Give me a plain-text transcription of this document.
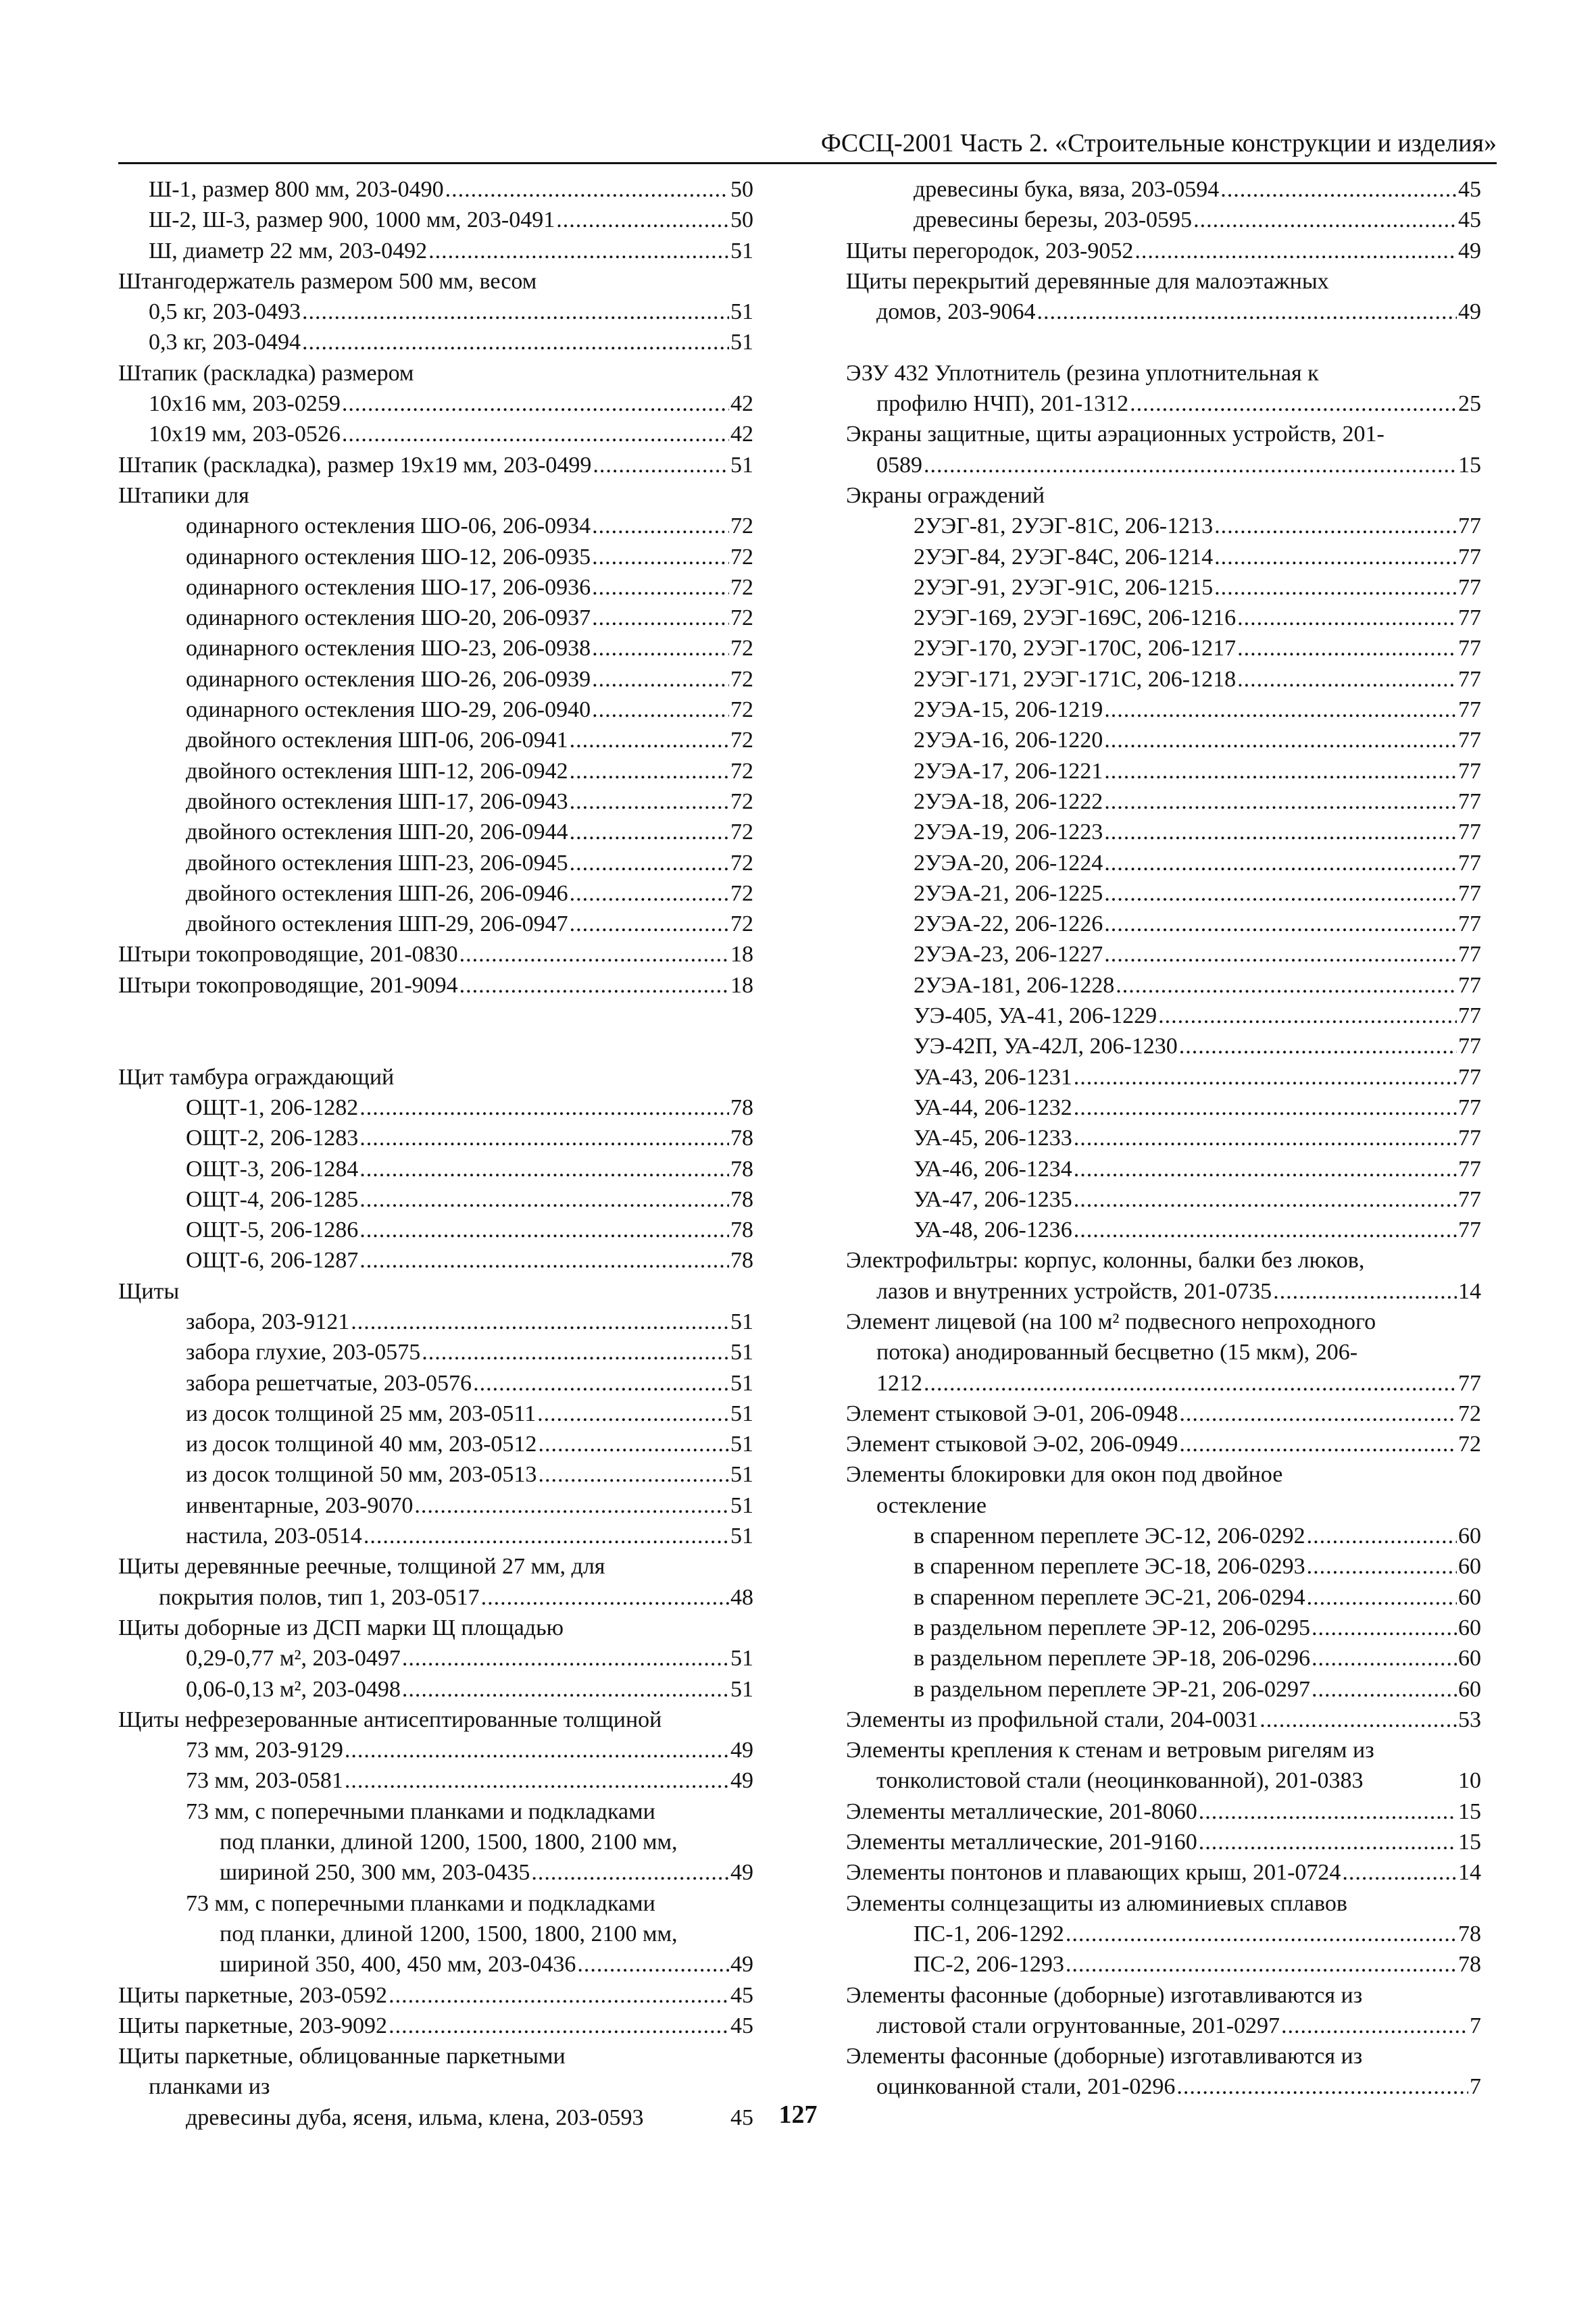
ФССЦ-2001 Часть 2. «Строительные конструкции и изделия»
Ш-1, размер 800 мм, 203-0490 .....	50
Ш-2, Ш-3, размер 900, 1000 мм, 203-0491 .....	50
Ш, диаметр 22 мм, 203-0492 .....	51
Штангодержатель размером 500 мм, весом
0,5 кг, 203-0493 .....	51
0,3 кг, 203-0494 .....	51
Штапик (раскладка) размером
10х16 мм, 203-0259 .....	42
10х19 мм, 203-0526 .....	42
Штапик (раскладка), размер 19х19 мм, 203-0499 .....	51
Штапики для
одинарного остекления ШО-06, 206-0934 .....	72
одинарного остекления ШО-12, 206-0935 .....	72
одинарного остекления ШО-17, 206-0936 .....	72
одинарного остекления ШО-20, 206-0937 .....	72
одинарного остекления ШО-23, 206-0938 .....	72
одинарного остекления ШО-26, 206-0939 .....	72
одинарного остекления ШО-29, 206-0940 .....	72
двойного остекления ШП-06, 206-0941 .....	72
двойного остекления ШП-12, 206-0942 .....	72
двойного остекления ШП-17, 206-0943 .....	72
двойного остекления ШП-20, 206-0944 .....	72
двойного остекления ШП-23, 206-0945 .....	72
двойного остекления ШП-26, 206-0946 .....	72
двойного остекления ШП-29, 206-0947 .....	72
Штыри токопроводящие, 201-0830 .....	18
Штыри токопроводящие, 201-9094 .....	18
Щит тамбура ограждающий
ОЩТ-1, 206-1282 .....	78
ОЩТ-2, 206-1283 .....	78
ОЩТ-3, 206-1284 .....	78
ОЩТ-4, 206-1285 .....	78
ОЩТ-5, 206-1286 .....	78
ОЩТ-6, 206-1287 .....	78
Щиты
забора, 203-9121 .....	51
забора глухие, 203-0575 .....	51
забора решетчатые, 203-0576 .....	51
из досок толщиной 25 мм, 203-0511 .....	51
из досок толщиной 40 мм, 203-0512 .....	51
из досок толщиной 50 мм, 203-0513 .....	51
инвентарные, 203-9070 .....	51
настила, 203-0514 .....	51
Щиты деревянные реечные, толщиной 27 мм, для
покрытия полов, тип 1, 203-0517 .....	48
Щиты доборные из ДСП марки Щ площадью
0,29-0,77 м², 203-0497 .....	51
0,06-0,13 м², 203-0498 .....	51
Щиты нефрезерованные антисептированные толщиной
73 мм, 203-9129 .....	49
73 мм, 203-0581 .....	49
73 мм, с поперечными планками и подкладками
под планки, длиной 1200, 1500, 1800, 2100 мм,
шириной 250, 300 мм, 203-0435 .....	49
73 мм, с поперечными планками и подкладками
под планки, длиной 1200, 1500, 1800, 2100 мм,
шириной 350, 400, 450 мм, 203-0436 .....	49
Щиты паркетные, 203-0592 .....	45
Щиты паркетные, 203-9092 .....	45
Щиты паркетные, облицованные паркетными
планками из
древесины дуба, ясеня, ильма, клена, 203-0593	45
древесины бука, вяза, 203-0594 .....	45
древесины березы, 203-0595 .....	45
Щиты перегородок, 203-9052 .....	49
Щиты перекрытий деревянные для малоэтажных
домов, 203-9064 .....	49
ЭЗУ 432 Уплотнитель (резина уплотнительная к
профилю НЧП), 201-1312 .....	25
Экраны защитные, щиты аэрационных устройств, 201-
0589 .....	15
Экраны ограждений
2УЭГ-81, 2УЭГ-81С, 206-1213 .....	77
2УЭГ-84, 2УЭГ-84С, 206-1214 .....	77
2УЭГ-91, 2УЭГ-91С, 206-1215 .....	77
2УЭГ-169, 2УЭГ-169С, 206-1216 .....	77
2УЭГ-170, 2УЭГ-170С, 206-1217 .....	77
2УЭГ-171, 2УЭГ-171С, 206-1218 .....	77
2УЭА-15, 206-1219 .....	77
2УЭА-16, 206-1220 .....	77
2УЭА-17, 206-1221 .....	77
2УЭА-18, 206-1222 .....	77
2УЭА-19, 206-1223 .....	77
2УЭА-20, 206-1224 .....	77
2УЭА-21, 206-1225 .....	77
2УЭА-22, 206-1226 .....	77
2УЭА-23, 206-1227 .....	77
2УЭА-181, 206-1228 .....	77
УЭ-405, УА-41, 206-1229 .....	77
УЭ-42П, УА-42Л, 206-1230 .....	77
УА-43, 206-1231 .....	77
УА-44, 206-1232 .....	77
УА-45, 206-1233 .....	77
УА-46, 206-1234 .....	77
УА-47, 206-1235 .....	77
УА-48, 206-1236 .....	77
Электрофильтры: корпус, колонны, балки без люков,
лазов и внутренних устройств, 201-0735 .....	14
Элемент лицевой (на 100 м² подвесного непроходного
потока) анодированный бесцветно (15 мкм), 206-
1212 .....	77
Элемент стыковой Э-01, 206-0948 .....	72
Элемент стыковой Э-02, 206-0949 .....	72
Элементы блокировки для окон под двойное
остекление
в спаренном переплете ЭС-12, 206-0292 .....	60
в спаренном переплете ЭС-18, 206-0293 .....	60
в спаренном переплете ЭС-21, 206-0294 .....	60
в раздельном переплете ЭР-12, 206-0295 .....	60
в раздельном переплете ЭР-18, 206-0296 .....	60
в раздельном переплете ЭР-21, 206-0297 .....	60
Элементы из профильной стали, 204-0031 .....	53
Элементы крепления к стенам и ветровым ригелям из
тонколистовой стали (неоцинкованной), 201-0383	10
Элементы металлические, 201-8060 .....	15
Элементы металлические, 201-9160 .....	15
Элементы понтонов и плавающих крыш, 201-0724 .....	14
Элементы солнцезащиты из алюминиевых сплавов
ПС-1, 206-1292 .....	78
ПС-2, 206-1293 .....	78
Элементы фасонные (доборные) изготавливаются из
листовой стали огрунтованные, 201-0297 .....	7
Элементы фасонные (доборные) изготавливаются из
оцинкованной стали, 201-0296 .....	7
127
